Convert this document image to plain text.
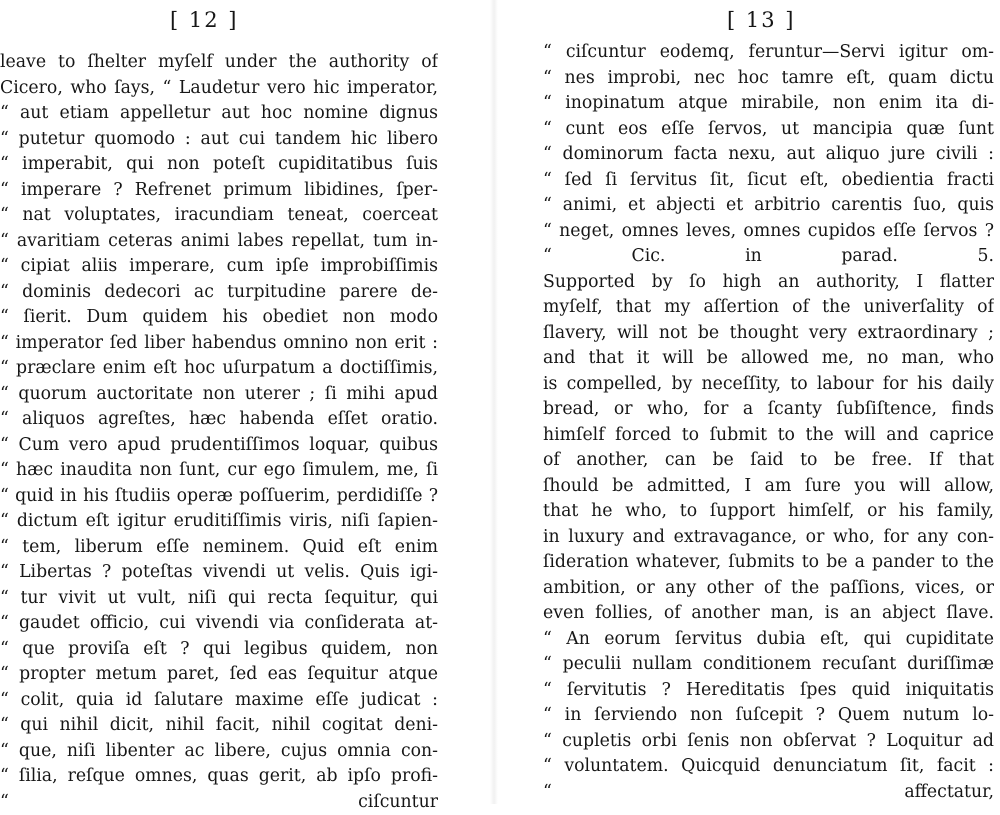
[ 12 ]
leave to ſhelter myſelf under the authority of
Cicero, who ſays, “ Laudetur vero hic imperator,
“ aut etiam appelletur aut hoc nomine dignus
“ putetur quomodo : aut cui tandem hic libero
“ imperabit, qui non poteſt cupiditatibus ſuis
“ imperare ? Refrenet primum libidines, ſper-
“ nat voluptates, iracundiam teneat, coerceat
“ avaritiam ceteras animi labes repellat, tum in-
“ cipiat aliis imperare, cum ipſe improbiſſimis
“ dominis dedecori ac turpitudine parere de-
“ ſierit. Dum quidem his obediet non modo
“ imperator ſed liber habendus omnino non erit :
“ præclare enim eſt hoc uſurpatum a doctiſſimis,
“ quorum auctoritate non uterer ; ſi mihi apud
“ aliquos agreſtes, hæc habenda eſſet oratio.
“ Cum vero apud prudentiſſimos loquar, quibus
“ hæc inaudita non ſunt, cur ego ſimulem, me, ſi
“ quid in his ſtudiis operæ poſſuerim, perdidiſſe ?
“ dictum eſt igitur eruditiſſimis viris, niſi ſapien-
“ tem, liberum eſſe neminem. Quid eſt enim
“ Libertas ? poteſtas vivendi ut velis. Quis igi-
“ tur vivit ut vult, niſi qui recta ſequitur, qui
“ gaudet officio, cui vivendi via conſiderata at-
“ que proviſa eſt ? qui legibus quidem, non
“ propter metum paret, ſed eas ſequitur atque
“ colit, quia id ſalutare maxime eſſe judicat :
“ qui nihil dicit, nihil facit, nihil cogitat deni-
“ que, niſi libenter ac libere, cujus omnia con-
“ ſilia, reſque omnes, quas gerit, ab ipſo profi-
“ ciſcuntur
[ 13 ]
“ ciſcuntur eodemq, feruntur—Servi igitur om-
“ nes improbi, nec hoc tamre eſt, quam dictu
“ inopinatum atque mirabile, non enim ita di-
“ cunt eos eſſe ſervos, ut mancipia quæ ſunt
“ dominorum facta nexu, aut aliquo jure civili :
“ ſed ſi ſervitus ſit, ſicut eſt, obedientia fracti
“ animi, et abjecti et arbitrio carentis ſuo, quis
“ neget, omnes leves, omnes cupidos eſſe ſervos ?
“ Cic. in parad. 5.
Supported by ſo high an authority, I flatter
myſelf, that my aſſertion of the univerſality of
ſlavery, will not be thought very extraordinary ;
and that it will be allowed me, no man, who
is compelled, by neceſſity, to labour for his daily
bread, or who, for a ſcanty ſubſiſtence, finds
himſelf forced to ſubmit to the will and caprice
of another, can be ſaid to be free. If that
ſhould be admitted, I am ſure you will allow,
that he who, to ſupport himſelf, or his family,
in luxury and extravagance, or who, for any con-
ſideration whatever, ſubmits to be a pander to the
ambition, or any other of the paſſions, vices, or
even follies, of another man, is an abject ſlave.
“ An eorum ſervitus dubia eſt, qui cupiditate
“ peculii nullam conditionem recuſant duriſſimæ
“ ſervitutis ? Hereditatis ſpes quid iniquitatis
“ in ſerviendo non ſuſcepit ? Quem nutum lo-
“ cupletis orbi ſenis non obſervat ? Loquitur ad
“ voluntatem. Quicquid denunciatum ſit, facit :
“ affectatur,
